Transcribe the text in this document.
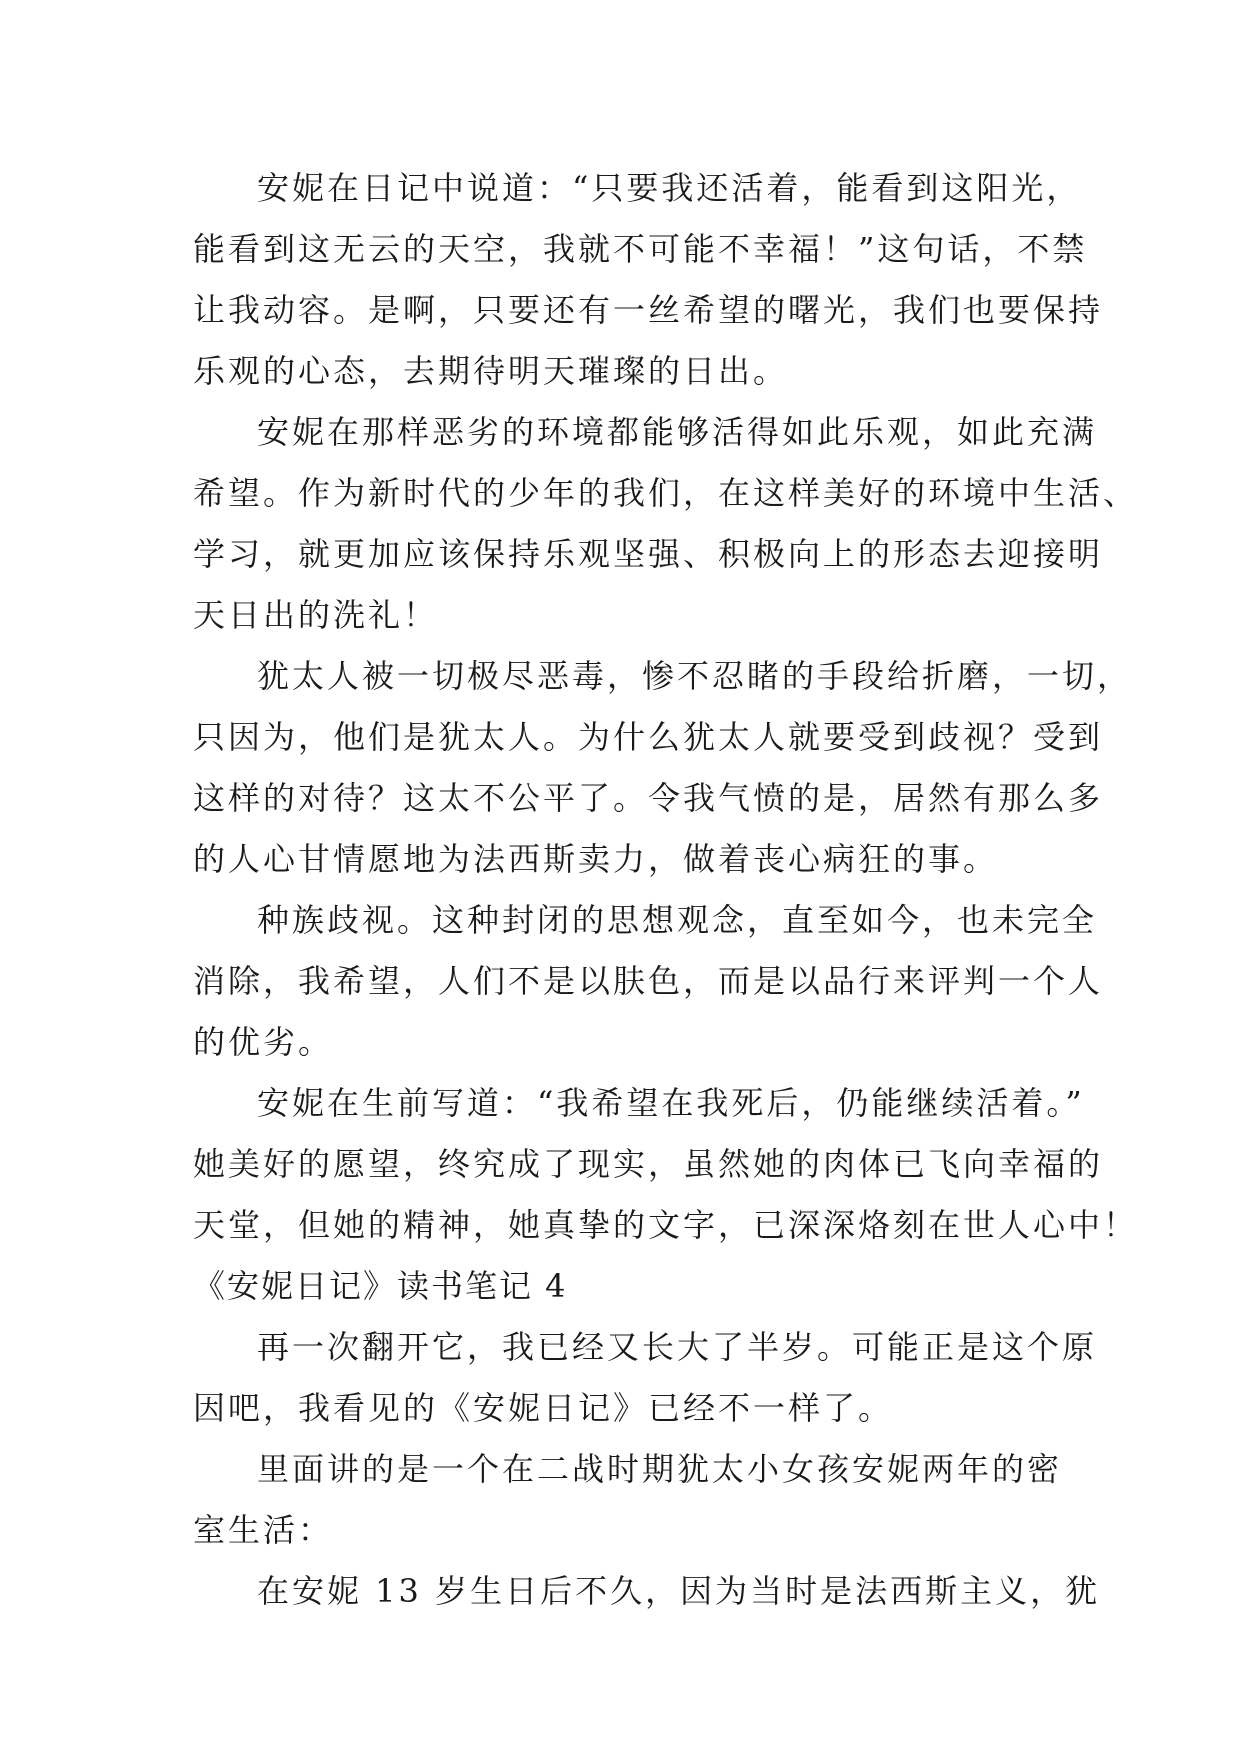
安妮在日记中说道：“只要我还活着，能看到这阳光，
能看到这无云的天空，我就不可能不幸福！”这句话，不禁
让我动容。是啊，只要还有一丝希望的曙光，我们也要保持
乐观的心态，去期待明天璀璨的日出。
安妮在那样恶劣的环境都能够活得如此乐观，如此充满
希望。作为新时代的少年的我们，在这样美好的环境中生活、
学习，就更加应该保持乐观坚强、积极向上的形态去迎接明
天日出的洗礼！
犹太人被一切极尽恶毒，惨不忍睹的手段给折磨，一切，
只因为，他们是犹太人。为什么犹太人就要受到歧视？受到
这样的对待？这太不公平了。令我气愤的是，居然有那么多
的人心甘情愿地为法西斯卖力，做着丧心病狂的事。
种族歧视。这种封闭的思想观念，直至如今，也未完全
消除，我希望，人们不是以肤色，而是以品行来评判一个人
的优劣。
安妮在生前写道：“我希望在我死后，仍能继续活着。”
她美好的愿望，终究成了现实，虽然她的肉体已飞向幸福的
天堂，但她的精神，她真挚的文字，已深深烙刻在世人心中！
《安妮日记》读书笔记 4
再一次翻开它，我已经又长大了半岁。可能正是这个原
因吧，我看见的《安妮日记》已经不一样了。
里面讲的是一个在二战时期犹太小女孩安妮两年的密
室生活：
在安妮 13 岁生日后不久，因为当时是法西斯主义，犹
